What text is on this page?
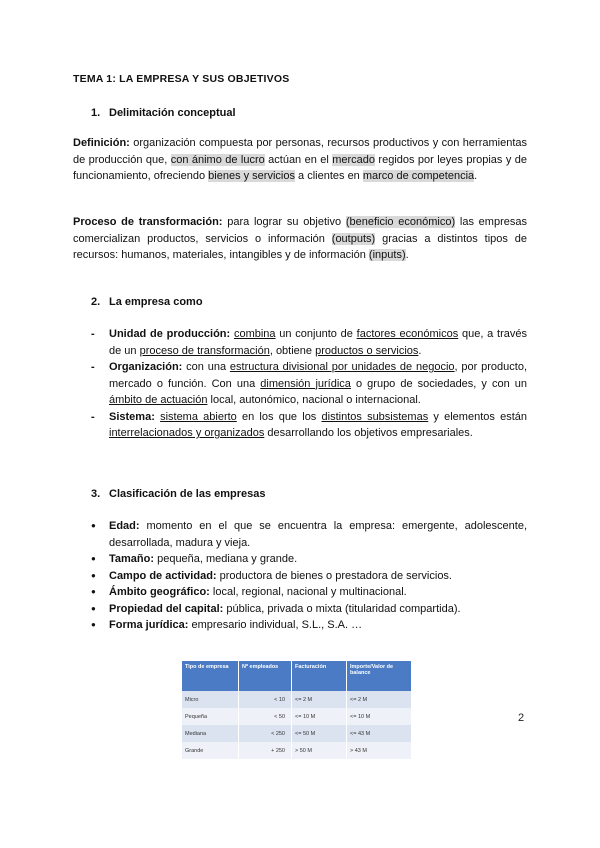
TEMA 1: LA EMPRESA Y SUS OBJETIVOS
1. Delimitación conceptual
Definición: organización compuesta por personas, recursos productivos y con herramientas de producción que, con ánimo de lucro actúan en el mercado regidos por leyes propias y de funcionamiento, ofreciendo bienes y servicios a clientes en marco de competencia.
Proceso de transformación: para lograr su objetivo (beneficio económico) las empresas comercializan productos, servicios o información (outputs) gracias a distintos tipos de recursos: humanos, materiales, intangibles y de información (inputs).
2. La empresa como
- Unidad de producción: combina un conjunto de factores económicos que, a través de un proceso de transformación, obtiene productos o servicios.
- Organización: con una estructura divisional por unidades de negocio, por producto, mercado o función. Con una dimensión jurídica o grupo de sociedades, y con un ámbito de actuación local, autonómico, nacional o internacional.
- Sistema: sistema abierto en los que los distintos subsistemas y elementos están interrelacionados y organizados desarrollando los objetivos empresariales.
3. Clasificación de las empresas
● Edad: momento en el que se encuentra la empresa: emergente, adolescente, desarrollada, madura y vieja.
● Tamaño: pequeña, mediana y grande.
● Campo de actividad: productora de bienes o prestadora de servicios.
● Ámbito geográfico: local, regional, nacional y multinacional.
● Propiedad del capital: pública, privada o mixta (titularidad compartida).
● Forma jurídica: empresario individual, S.L., S.A. …
Tipo de empresa	Nº empleados	Facturación	Importe/Valor de balance
Micro	< 10	<= 2 M	<= 2 M
Pequeña	< 50	<= 10 M	<= 10 M
Mediana	< 250	<= 50 M	<= 43 M
Grande	+ 250	> 50 M	> 43 M
2
